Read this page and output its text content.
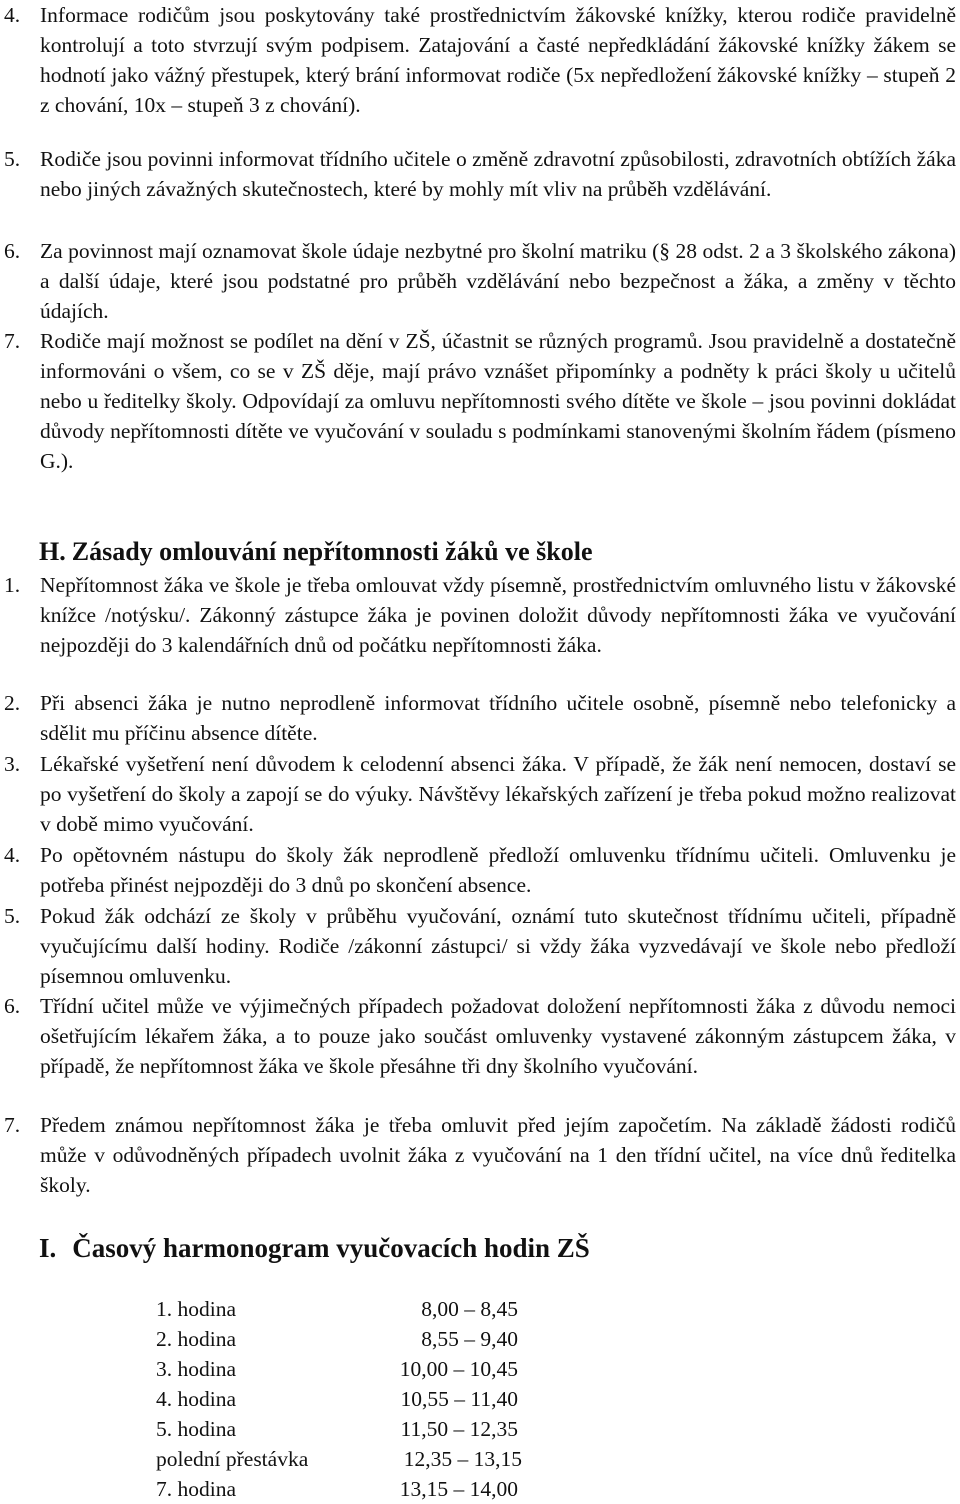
4. Informace rodičům jsou poskytovány také prostřednictvím žákovské knížky, kterou rodiče pravidelně kontrolují a toto stvrzují svým podpisem. Zatajování a časté nepředkládání žákovské knížky žákem se hodnotí jako vážný přestupek, který brání informovat rodiče (5x nepředložení žákovské knížky – stupeň 2 z chování, 10x – stupeň 3 z chování).
5. Rodiče jsou povinni informovat třídního učitele o změně zdravotní způsobilosti, zdravotních obtížích žáka nebo jiných závažných skutečnostech, které by mohly mít vliv na průběh vzdělávání.
6. Za povinnost mají oznamovat škole údaje nezbytné pro školní matriku (§ 28 odst. 2 a 3 školského zákona) a další údaje, které jsou podstatné pro průběh vzdělávání nebo bezpečnost a žáka, a změny v těchto údajích.
7. Rodiče mají možnost se podílet na dění v ZŠ, účastnit se různých programů. Jsou pravidelně a dostatečně informováni o všem, co se v ZŠ děje, mají právo vznášet připomínky a podněty k práci školy u učitelů nebo u ředitelky školy. Odpovídají za omluvu nepřítomnosti svého dítěte ve škole – jsou povinni dokládat důvody nepřítomnosti dítěte ve vyučování v souladu s podmínkami stanovenými školním řádem (písmeno G.).
H. Zásady omlouvání nepřítomnosti žáků ve škole
1. Nepřítomnost žáka ve škole je třeba omlouvat vždy písemně, prostřednictvím omluvného listu v žákovské knížce /notýsku/. Zákonný zástupce žáka je povinen doložit důvody nepřítomnosti žáka ve vyučování nejpozději do 3 kalendářních dnů od počátku nepřítomnosti žáka.
2. Při absenci žáka je nutno neprodleně informovat třídního učitele osobně, písemně nebo telefonicky a sdělit mu příčinu absence dítěte.
3. Lékařské vyšetření není důvodem k celodenní absenci žáka. V případě, že žák není nemocen, dostaví se po vyšetření do školy a zapojí se do výuky. Návštěvy lékařských zařízení je třeba pokud možno realizovat v době mimo vyučování.
4. Po opětovném nástupu do školy žák neprodleně předloží omluvenku třídnímu učiteli. Omluvenku je potřeba přinést nejpozději do 3 dnů po skončení absence.
5. Pokud žák odchází ze školy v průběhu vyučování, oznámí tuto skutečnost třídnímu učiteli, případně vyučujícímu další hodiny. Rodiče /zákonní zástupci/ si vždy žáka vyzvedávají ve škole nebo předloží písemnou omluvenku.
6. Třídní učitel může ve výjimečných případech požadovat doložení nepřítomnosti žáka z důvodu nemoci ošetřujícím lékařem žáka, a to pouze jako součást omluvenky vystavené zákonným zástupcem žáka, v případě, že nepřítomnost žáka ve škole přesáhne tři dny školního vyučování.
7. Předem známou nepřítomnost žáka je třeba omluvit před jejím započetím. Na základě žádosti rodičů může v odůvodněných případech uvolnit žáka z vyučování na 1 den třídní učitel, na více dnů ředitelka školy.
I. Časový harmonogram vyučovacích hodin ZŠ
1. hodina	8,00 – 8,45
2. hodina	8,55 – 9,40
3. hodina	10,00 – 10,45
4. hodina	10,55 – 11,40
5. hodina	11,50 – 12,35
polední přestávka	12,35 – 13,15
7. hodina	13,15 – 14,00
